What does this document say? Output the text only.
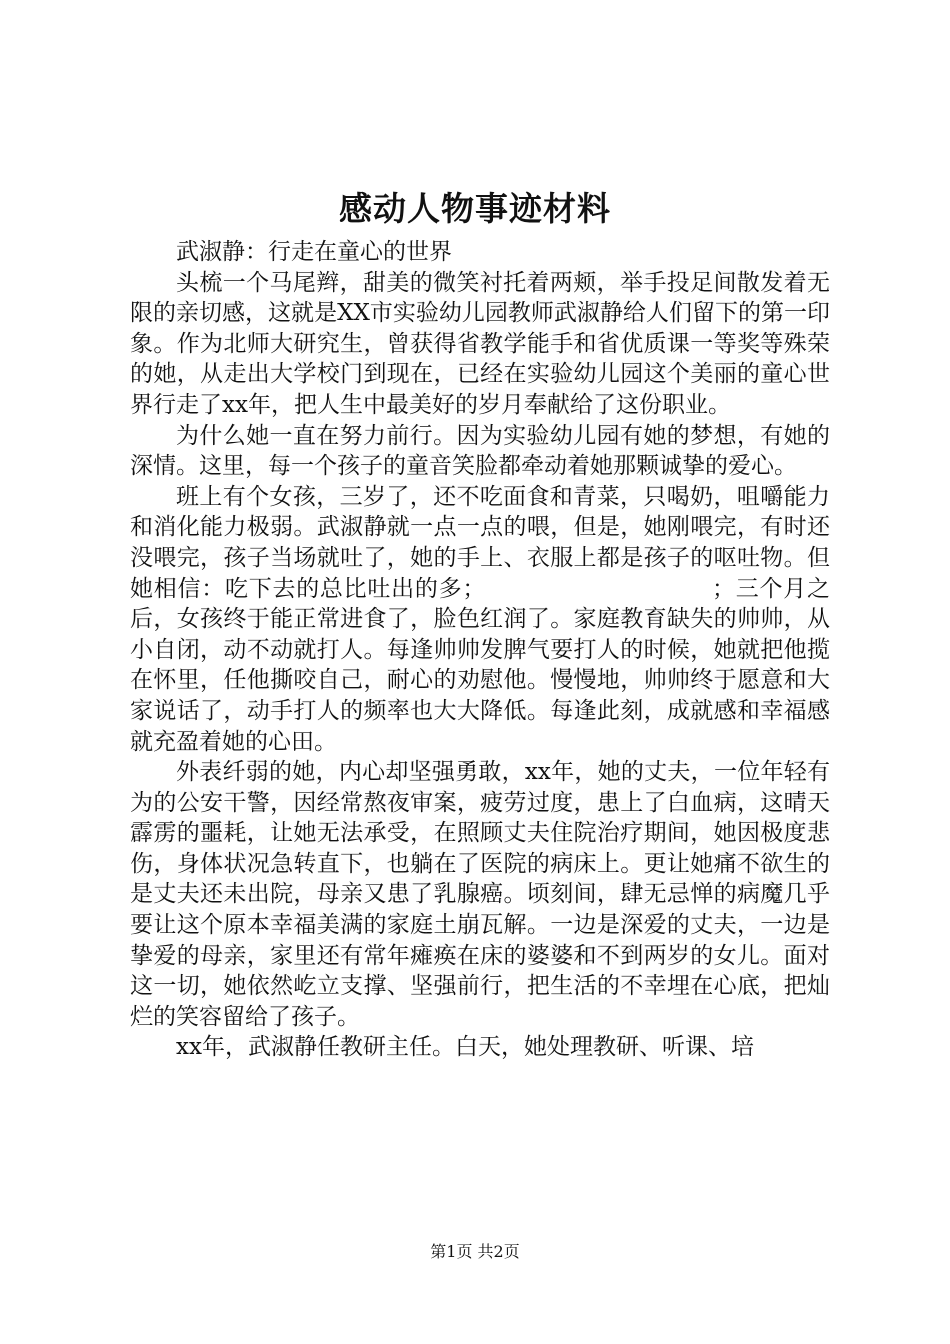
感动人物事迹材料

武淑静：行走在童心的世界

头梳一个马尾辫，甜美的微笑衬托着两颊，举手投足间散发着无限的亲切感，这就是XX市实验幼儿园教师武淑静给人们留下的第一印象。作为北师大研究生，曾获得省教学能手和省优质课一等奖等殊荣的她，从走出大学校门到现在，已经在实验幼儿园这个美丽的童心世界行走了xx年，把人生中最美好的岁月奉献给了这份职业。

为什么她一直在努力前行。因为实验幼儿园有她的梦想，有她的深情。这里，每一个孩子的童音笑脸都牵动着她那颗诚挚的爱心。

班上有个女孩，三岁了，还不吃面食和青菜，只喝奶，咀嚼能力和消化能力极弱。武淑静就一点一点的喂，但是，她刚喂完，有时还没喂完，孩子当场就吐了，她的手上、衣服上都是孩子的呕吐物。但她相信：吃下去的总比吐出的多；　　　　　　　　　　；三个月之后，女孩终于能正常进食了，脸色红润了。家庭教育缺失的帅帅，从小自闭，动不动就打人。每逢帅帅发脾气要打人的时候，她就把他揽在怀里，任他撕咬自己，耐心的劝慰他。慢慢地，帅帅终于愿意和大家说话了，动手打人的频率也大大降低。每逢此刻，成就感和幸福感就充盈着她的心田。

外表纤弱的她，内心却坚强勇敢，xx年，她的丈夫，一位年轻有为的公安干警，因经常熬夜审案，疲劳过度，患上了白血病，这晴天霹雳的噩耗，让她无法承受，在照顾丈夫住院治疗期间，她因极度悲伤，身体状况急转直下，也躺在了医院的病床上。更让她痛不欲生的是丈夫还未出院，母亲又患了乳腺癌。顷刻间，肆无忌惮的病魔几乎要让这个原本幸福美满的家庭土崩瓦解。一边是深爱的丈夫，一边是挚爱的母亲，家里还有常年瘫痪在床的婆婆和不到两岁的女儿。面对这一切，她依然屹立支撑、坚强前行，把生活的不幸埋在心底，把灿烂的笑容留给了孩子。

xx年，武淑静任教研主任。白天，她处理教研、听课、培

第1页 共2页
